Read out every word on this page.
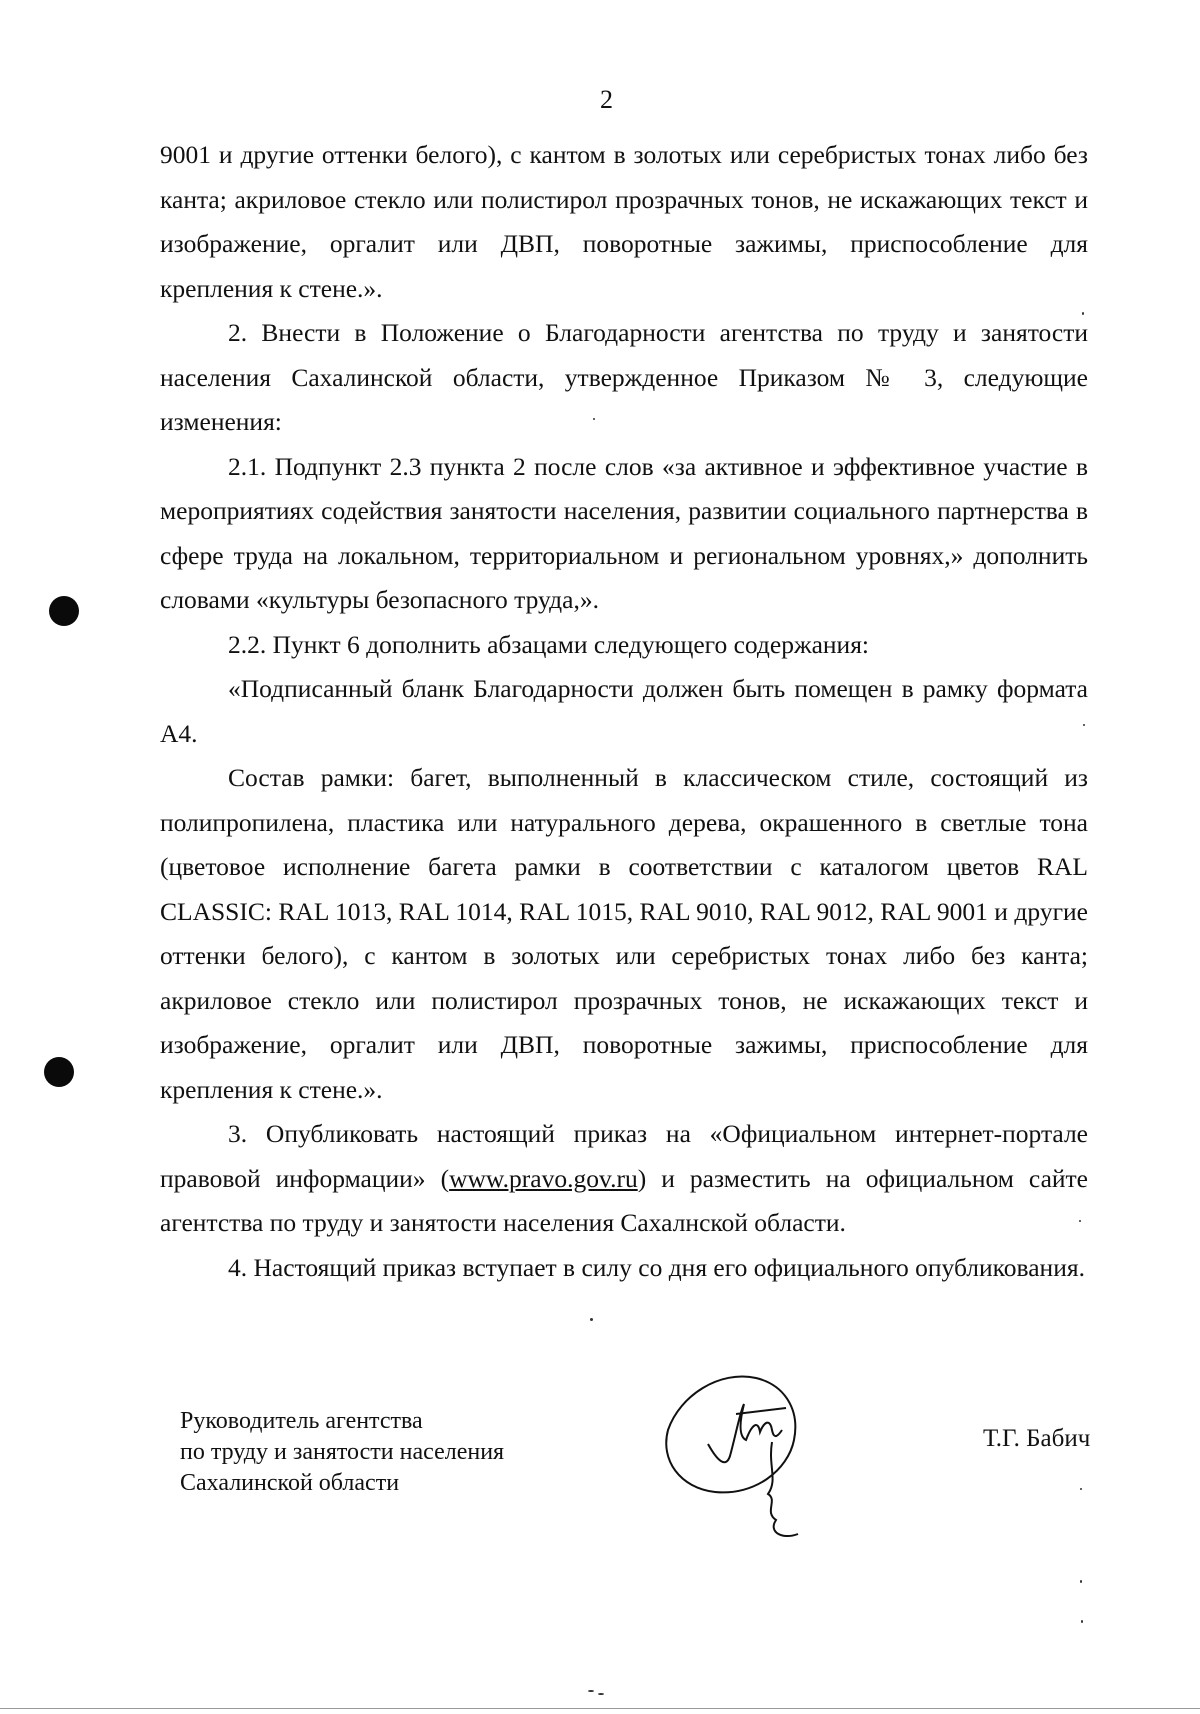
2

9001 и другие оттенки белого), с кантом в золотых или серебристых тонах либо без канта; акриловое стекло или полистирол прозрачных тонов, не искажающих текст и изображение, оргалит или ДВП, поворотные зажимы, приспособление для крепления к стене.».

2. Внести в Положение о Благодарности агентства по труду и занятости населения Сахалинской области, утвержденное Приказом № 3, следующие изменения:

2.1. Подпункт 2.3 пункта 2 после слов «за активное и эффективное участие в мероприятиях содействия занятости населения, развитии социального партнерства в сфере труда на локальном, территориальном и региональном уровнях,» дополнить словами «культуры безопасного труда,».

2.2. Пункт 6 дополнить абзацами следующего содержания:

«Подписанный бланк Благодарности должен быть помещен в рамку формата А4.

Состав рамки: багет, выполненный в классическом стиле, состоящий из полипропилена, пластика или натурального дерева, окрашенного в светлые тона (цветовое исполнение багета рамки в соответствии с каталогом цветов RAL CLASSIC: RAL 1013, RAL 1014, RAL 1015, RAL 9010, RAL 9012, RAL 9001 и другие оттенки белого), с кантом в золотых или серебристых тонах либо без канта; акриловое стекло или полистирол прозрачных тонов, не искажающих текст и изображение, оргалит или ДВП, поворотные зажимы, приспособление для крепления к стене.».

3. Опубликовать настоящий приказ на «Официальном интернет-портале правовой информации» (www.pravo.gov.ru) и разместить на официальном сайте агентства по труду и занятости населения Сахалнской области.

4. Настоящий приказ вступает в силу со дня его официального опубликования.

Руководитель агентства
по труду и занятости населения
Сахалинской области
Т.Г. Бабич
